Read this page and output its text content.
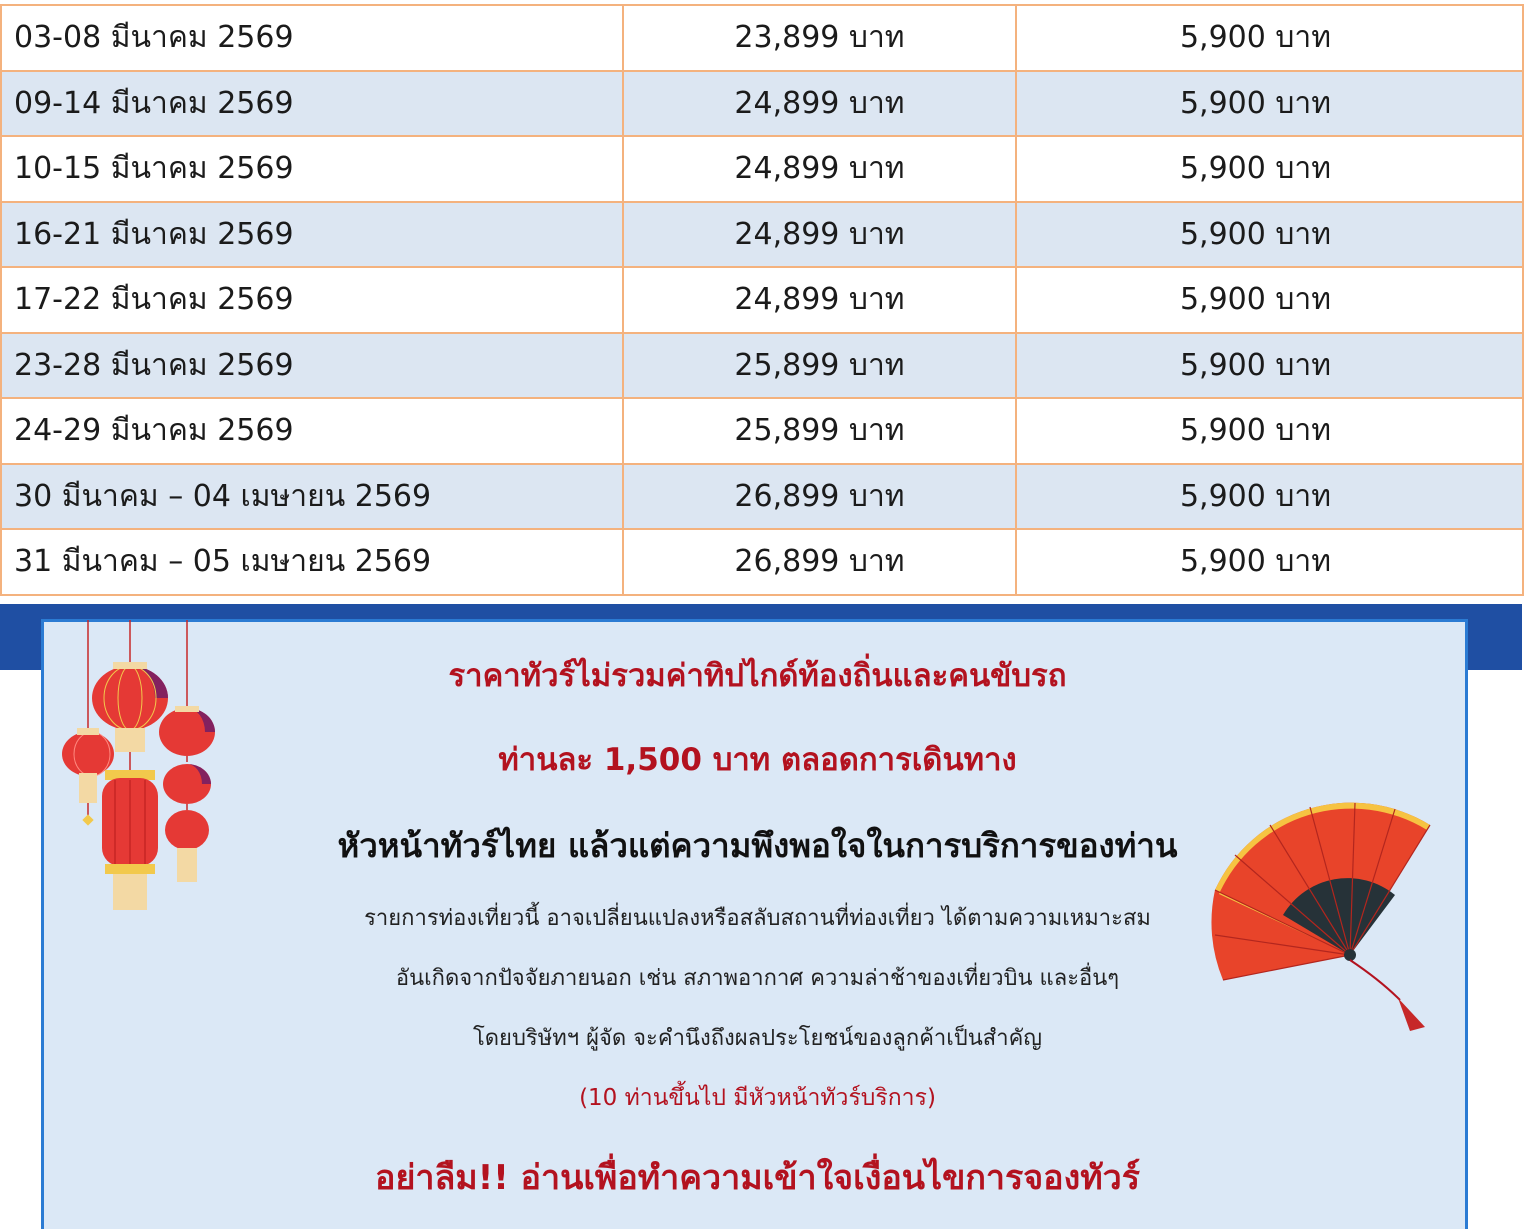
03-08 มีนาคม 2569	23,899 บาท	5,900 บาท
09-14 มีนาคม 2569	24,899 บาท	5,900 บาท
10-15 มีนาคม 2569	24,899 บาท	5,900 บาท
16-21 มีนาคม 2569	24,899 บาท	5,900 บาท
17-22 มีนาคม 2569	24,899 บาท	5,900 บาท
23-28 มีนาคม 2569	25,899 บาท	5,900 บาท
24-29 มีนาคม 2569	25,899 บาท	5,900 บาท
30 มีนาคม – 04 เมษายน 2569	26,899 บาท	5,900 บาท
31 มีนาคม – 05 เมษายน 2569	26,899 บาท	5,900 บาท
ราคาทัวร์ไม่รวมค่าทิปไกด์ท้องถิ่นและคนขับรถ
ท่านละ 1,500 บาท ตลอดการเดินทาง
หัวหน้าทัวร์ไทย แล้วแต่ความพึงพอใจในการบริการของท่าน
รายการท่องเที่ยวนี้ อาจเปลี่ยนแปลงหรือสลับสถานที่ท่องเที่ยว ได้ตามความเหมาะสม
อันเกิดจากปัจจัยภายนอก เช่น สภาพอากาศ ความล่าช้าของเที่ยวบิน และอื่นๆ
โดยบริษัทฯ ผู้จัด จะคำนึงถึงผลประโยชน์ของลูกค้าเป็นสำคัญ
(10 ท่านขึ้นไป มีหัวหน้าทัวร์บริการ)
อย่าลืม!! อ่านเพื่อทำความเข้าใจเงื่อนไขการจองทัวร์
